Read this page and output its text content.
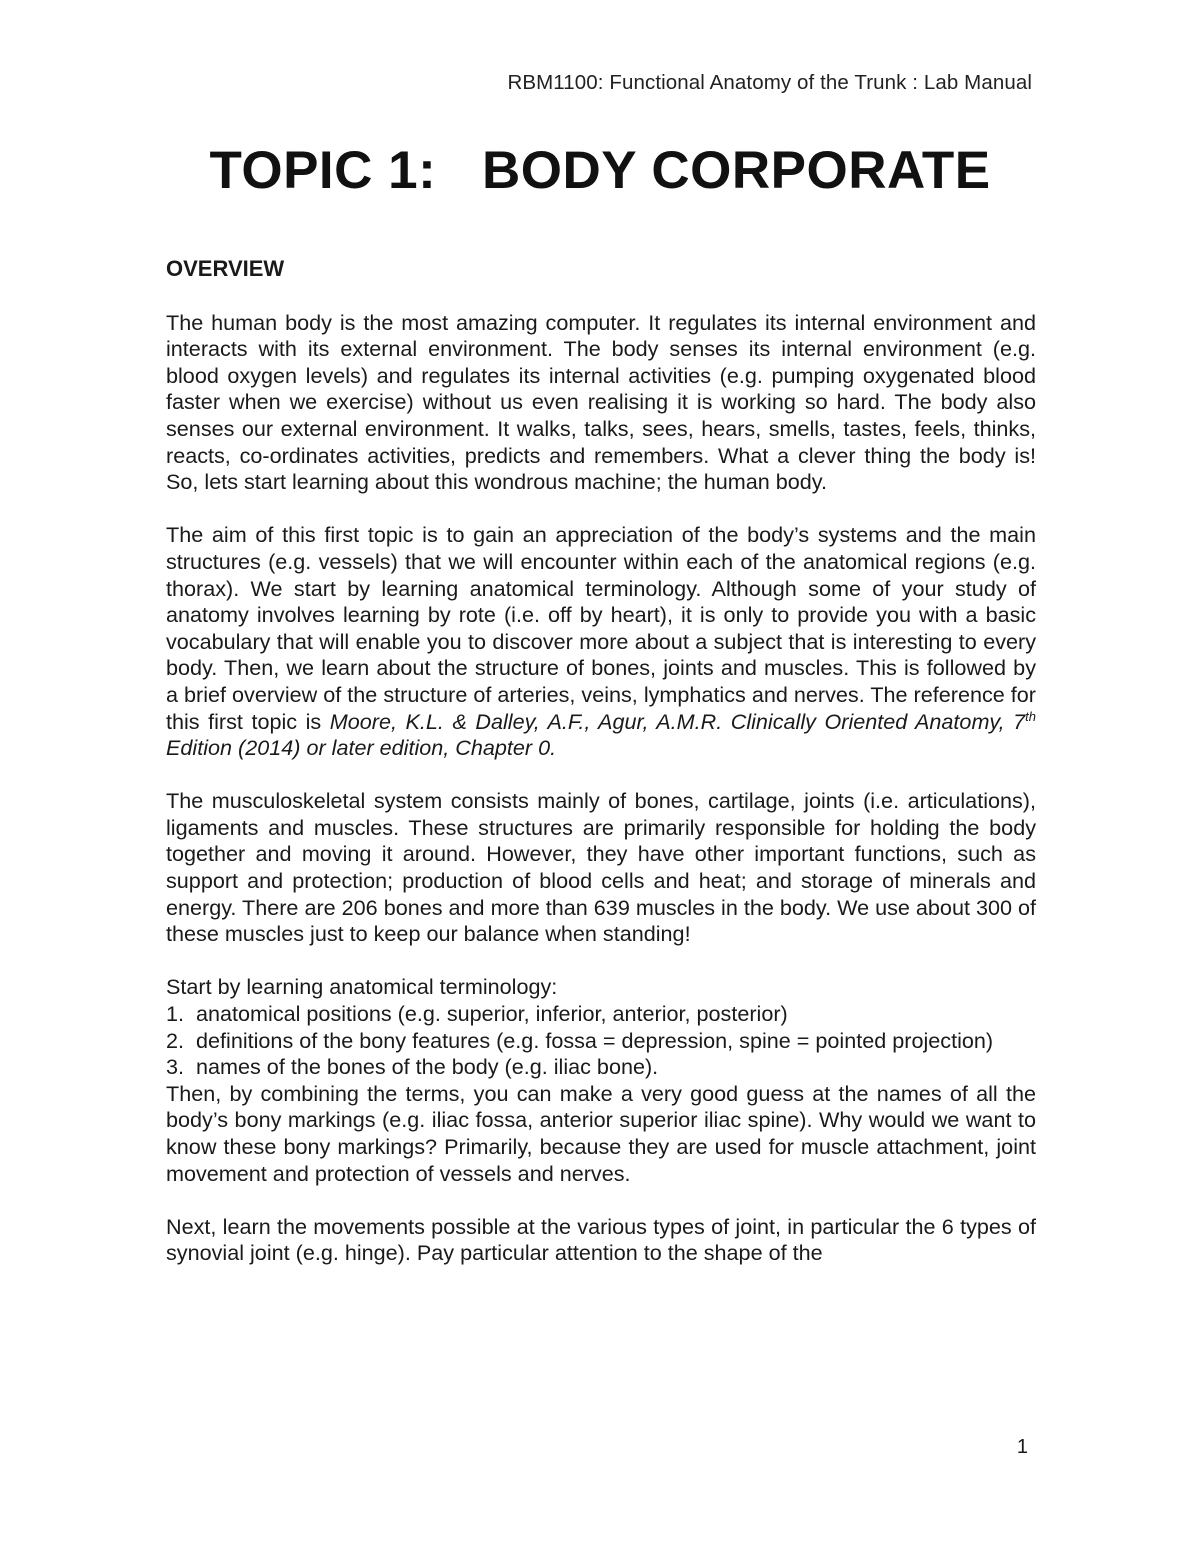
RBM1100: Functional Anatomy of the Trunk : Lab Manual
TOPIC 1:   BODY CORPORATE
OVERVIEW

The human body is the most amazing computer. It regulates its internal environment and interacts with its external environment. The body senses its internal environment (e.g. blood oxygen levels) and regulates its internal activities (e.g. pumping oxygenated blood faster when we exercise) without us even realising it is working so hard. The body also senses our external environment. It walks, talks, sees, hears, smells, tastes, feels, thinks, reacts, co-ordinates activities, predicts and remembers. What a clever thing the body is! So, lets start learning about this wondrous machine; the human body.

The aim of this first topic is to gain an appreciation of the body’s systems and the main structures (e.g. vessels) that we will encounter within each of the anatomical regions (e.g. thorax). We start by learning anatomical terminology. Although some of your study of anatomy involves learning by rote (i.e. off by heart), it is only to provide you with a basic vocabulary that will enable you to discover more about a subject that is interesting to every body. Then, we learn about the structure of bones, joints and muscles. This is followed by a brief overview of the structure of arteries, veins, lymphatics and nerves. The reference for this first topic is Moore, K.L. & Dalley, A.F., Agur, A.M.R. Clinically Oriented Anatomy, 7th Edition (2014) or later edition, Chapter 0.

The musculoskeletal system consists mainly of bones, cartilage, joints (i.e. articulations), ligaments and muscles. These structures are primarily responsible for holding the body together and moving it around. However, they have other important functions, such as support and protection; production of blood cells and heat; and storage of minerals and energy. There are 206 bones and more than 639 muscles in the body. We use about 300 of these muscles just to keep our balance when standing!

Start by learning anatomical terminology:
1. anatomical positions (e.g. superior, inferior, anterior, posterior)
2. definitions of the bony features (e.g. fossa = depression, spine = pointed projection)
3. names of the bones of the body (e.g. iliac bone).
Then, by combining the terms, you can make a very good guess at the names of all the body’s bony markings (e.g. iliac fossa, anterior superior iliac spine). Why would we want to know these bony markings? Primarily, because they are used for muscle attachment, joint movement and protection of vessels and nerves.

Next, learn the movements possible at the various types of joint, in particular the 6 types of synovial joint (e.g. hinge). Pay particular attention to the shape of the

1
